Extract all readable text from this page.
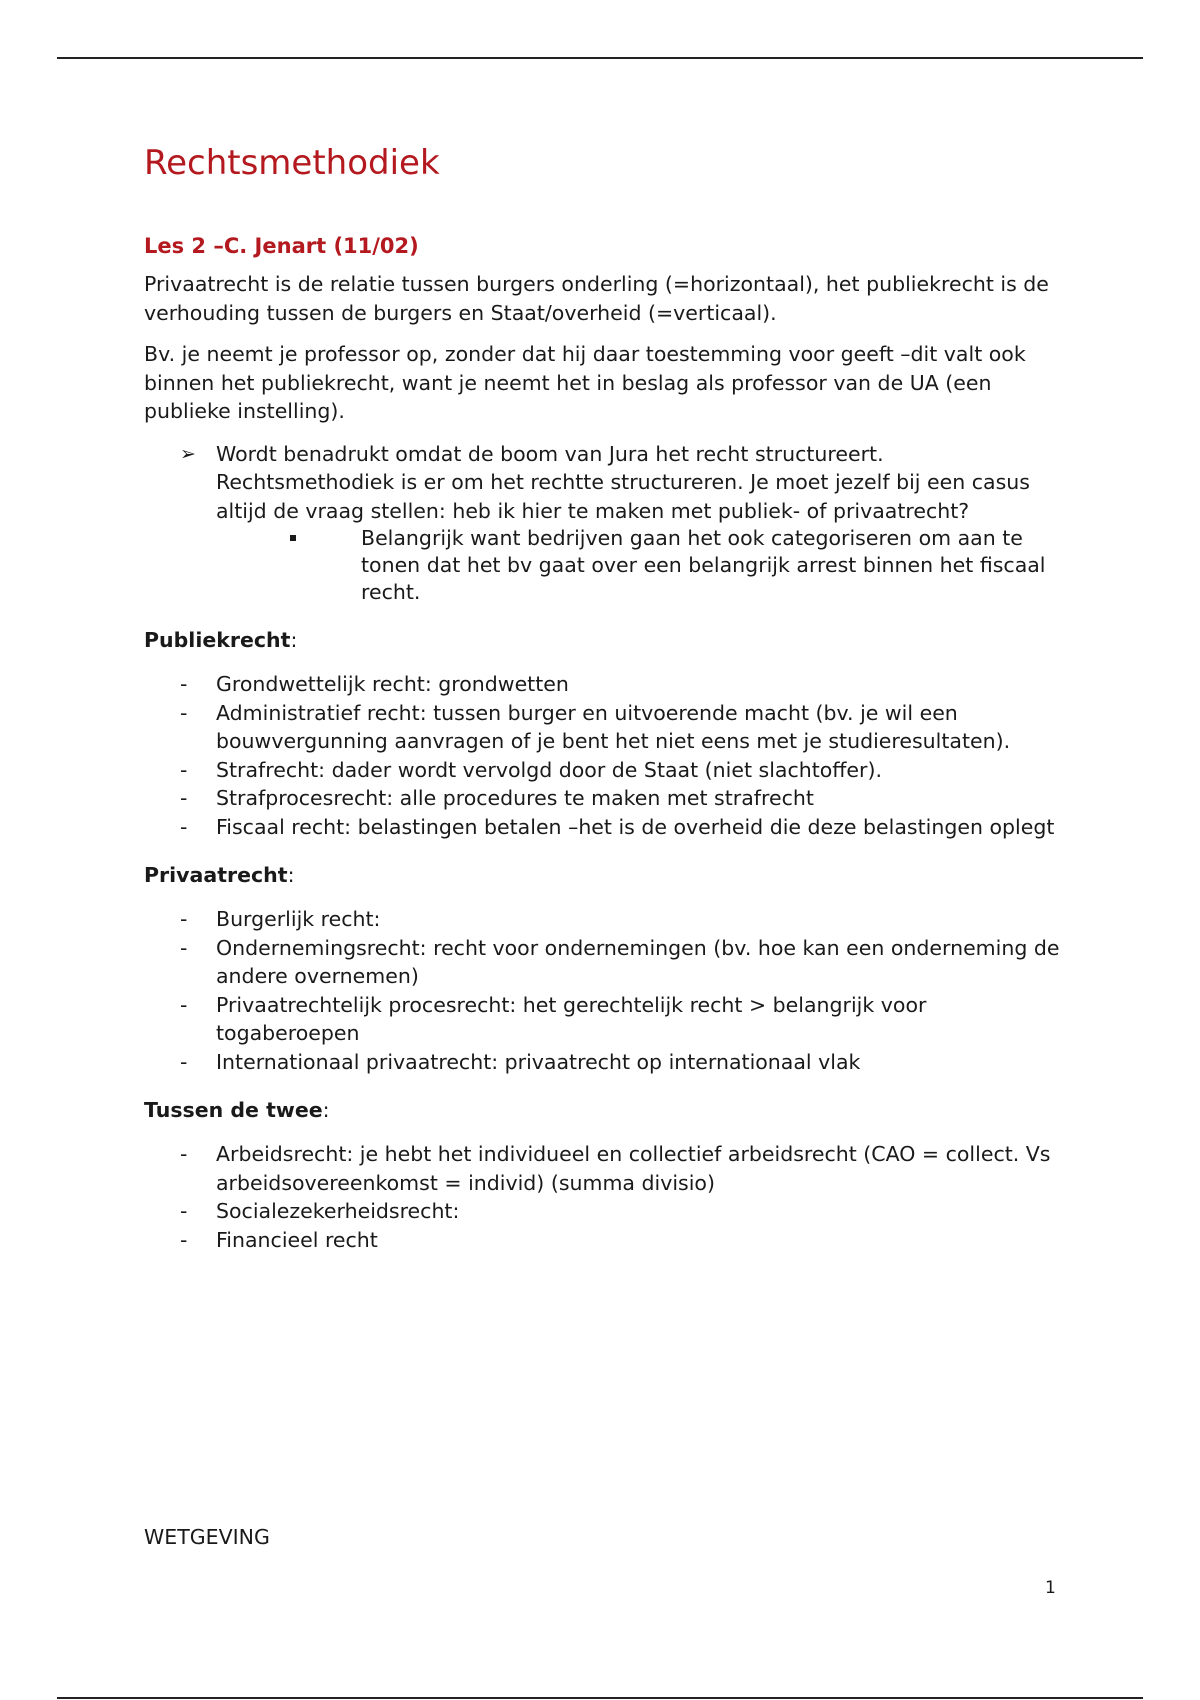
Rechtsmethodiek
Les 2 –C. Jenart (11/02)

Privaatrecht is de relatie tussen burgers onderling (=horizontaal), het publiekrecht is de verhouding tussen de burgers en Staat/overheid (=verticaal).

Bv. je neemt je professor op, zonder dat hij daar toestemming voor geeft –dit valt ook binnen het publiekrecht, want je neemt het in beslag als professor van de UA (een publieke instelling).

➢ Wordt benadrukt omdat de boom van Jura het recht structureert. Rechtsmethodiek is er om het rechtte structureren. Je moet jezelf bij een casus altijd de vraag stellen: heb ik hier te maken met publiek- of privaatrecht?
Belangrijk want bedrijven gaan het ook categoriseren om aan te tonen dat het bv gaat over een belangrijk arrest binnen het fiscaal recht.
Publiekrecht:
- Grondwettelijk recht: grondwetten
- Administratief recht: tussen burger en uitvoerende macht (bv. je wil een bouwvergunning aanvragen of je bent het niet eens met je studieresultaten).
- Strafrecht: dader wordt vervolgd door de Staat (niet slachtoffer).
- Strafprocesrecht: alle procedures te maken met strafrecht
- Fiscaal recht: belastingen betalen –het is de overheid die deze belastingen oplegt
Privaatrecht:
- Burgerlijk recht:
- Ondernemingsrecht: recht voor ondernemingen (bv. hoe kan een onderneming de andere overnemen)
- Privaatrechtelijk procesrecht: het gerechtelijk recht > belangrijk voor togaberoepen
- Internationaal privaatrecht: privaatrecht op internationaal vlak
Tussen de twee:
- Arbeidsrecht: je hebt het individueel en collectief arbeidsrecht (CAO = collect. Vs arbeidsovereenkomst = individ) (summa divisio)
- Socialezekerheidsrecht:
- Financieel recht
WETGEVING
1
